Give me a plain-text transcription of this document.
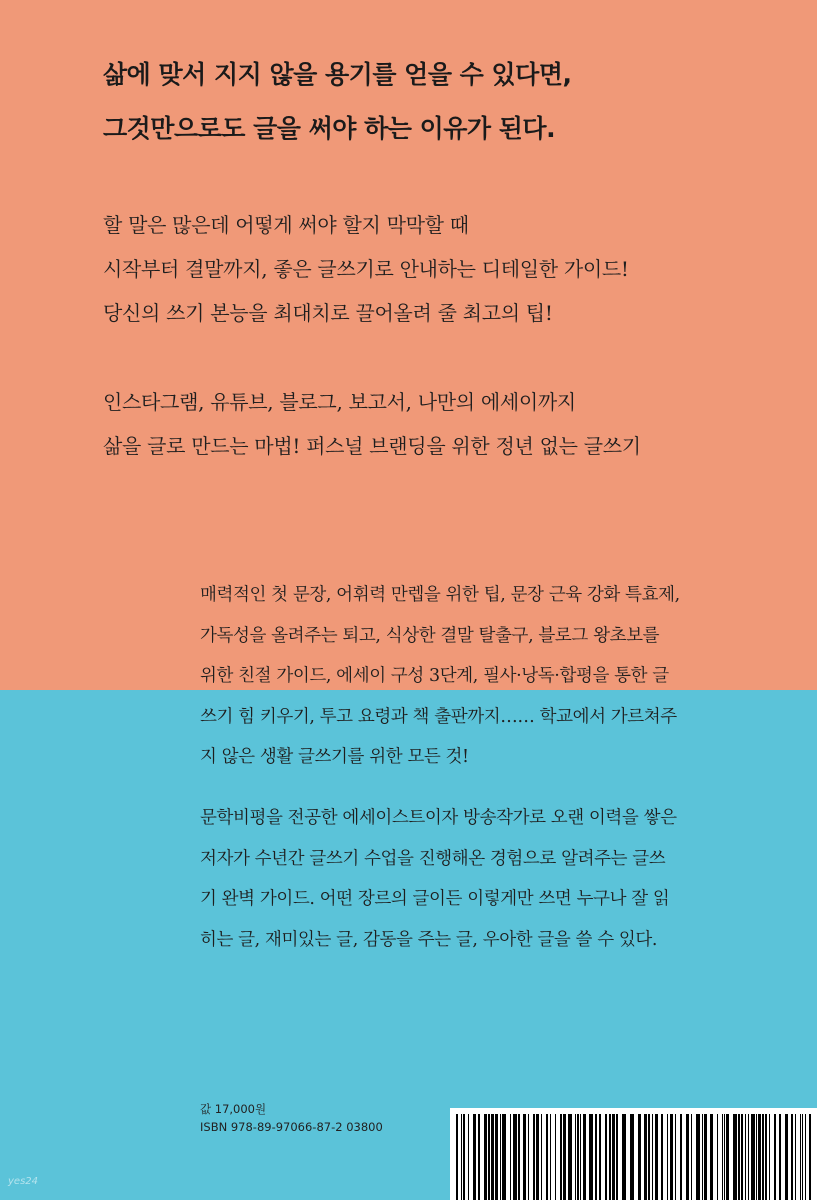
삶에 맞서 지지 않을 용기를 얻을 수 있다면,
그것만으로도 글을 써야 하는 이유가 된다.
할 말은 많은데 어떻게 써야 할지 막막할 때
시작부터 결말까지, 좋은 글쓰기로 안내하는 디테일한 가이드!
당신의 쓰기 본능을 최대치로 끌어올려 줄 최고의 팁!
인스타그램, 유튜브, 블로그, 보고서, 나만의 에세이까지
삶을 글로 만드는 마법! 퍼스널 브랜딩을 위한 정년 없는 글쓰기
매력적인 첫 문장, 어휘력 만렙을 위한 팁, 문장 근육 강화 특효제,
가독성을 올려주는 퇴고, 식상한 결말 탈출구, 블로그 왕초보를
위한 친절 가이드, 에세이 구성 3단계, 필사·낭독·합평을 통한 글
쓰기 힘 키우기, 투고 요령과 책 출판까지…… 학교에서 가르쳐주
지 않은 생활 글쓰기를 위한 모든 것!
문학비평을 전공한 에세이스트이자 방송작가로 오랜 이력을 쌓은
저자가 수년간 글쓰기 수업을 진행해온 경험으로 알려주는 글쓰
기 완벽 가이드. 어떤 장르의 글이든 이렇게만 쓰면 누구나 잘 읽
히는 글, 재미있는 글, 감동을 주는 글, 우아한 글을 쓸 수 있다.
값 17,000원
ISBN 978-89-97066-87-2 03800
yes24
